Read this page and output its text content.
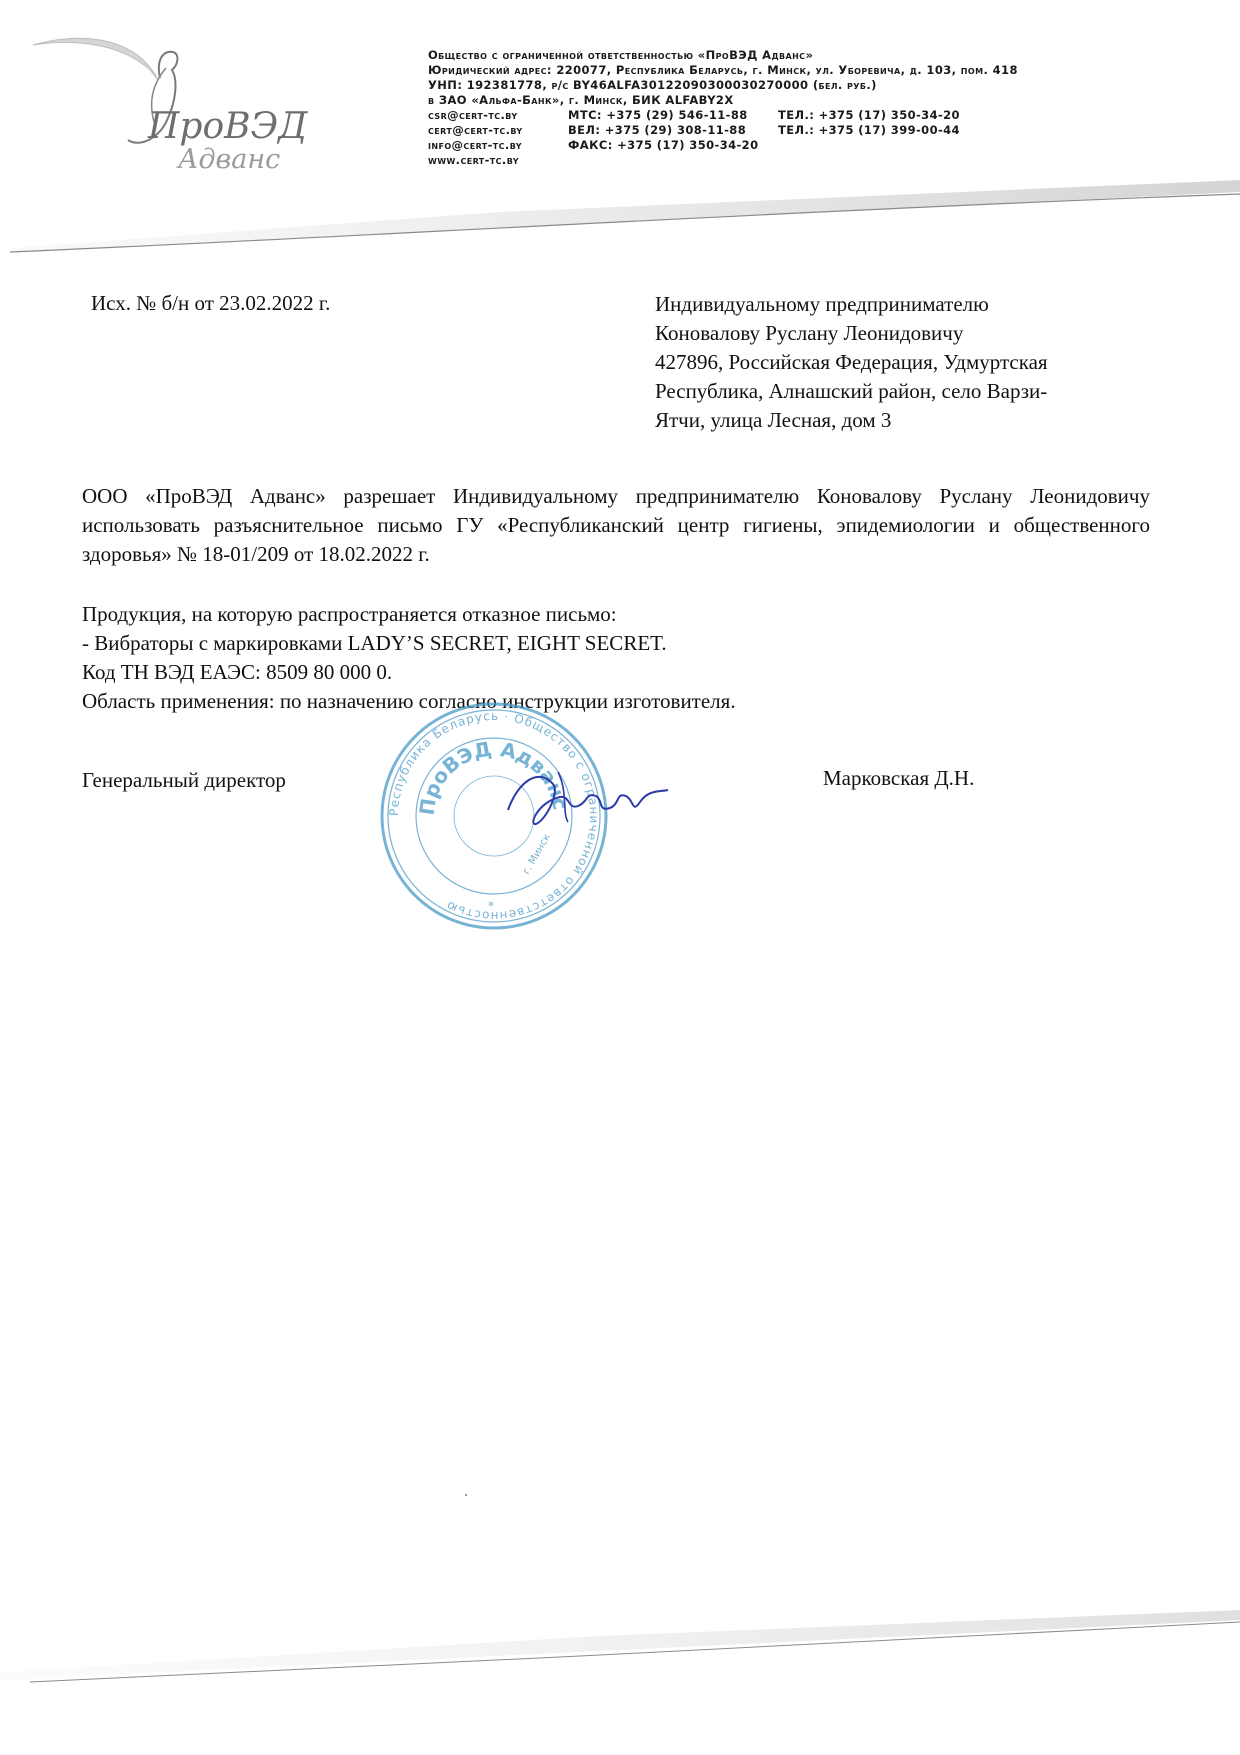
ПроВЭД
Адванс
Общество с ограниченной ответственностью «ПроВЭД Адванс»
Юридический адрес: 220077, Республика Беларусь, г. Минск, ул. Уборевича, д. 103, пом. 418
УНП: 192381778, р/с BY46ALFA30122090300030270000 (бел. руб.)
в ЗАО «Альфа-Банк», г. Минск, БИК ALFABY2X
csr@cert-tc.by
cert@cert-tc.by
info@cert-tc.by
www.cert-tc.by
МТС: +375 (29) 546-11-88
ВЕЛ: +375 (29) 308-11-88
ФАКС: +375 (17) 350-34-20
ТЕЛ.: +375 (17) 350-34-20
ТЕЛ.: +375 (17) 399-00-44
Исх. № б/н от 23.02.2022 г.	Индивидуальному предпринимателю
Коновалову Руслану Леонидовичу
427896, Российская Федерация, Удмуртская
Республика, Алнашский район, село Варзи-
Ятчи, улица Лесная, дом 3
ООО «ПроВЭД Адванс» разрешает Индивидуальному предпринимателю Коновалову Руслану Леонидовичу использовать разъяснительное письмо ГУ «Республиканский центр гигиены, эпидемиологии и общественного здоровья» № 18-01/209 от 18.02.2022 г.
Продукция, на которую распространяется отказное письмо:
- Вибраторы с маркировками LADY’S SECRET, EIGHT SECRET.
Код ТН ВЭД ЕАЭС: 8509 80 000 0.
Область применения: по назначению согласно инструкции изготовителя.
Генеральный директор	Марковская Д.Н.
Республика Беларусь · Общество с ограниченной ответственностью
ПроВЭД Адванс
г. Минск
*
